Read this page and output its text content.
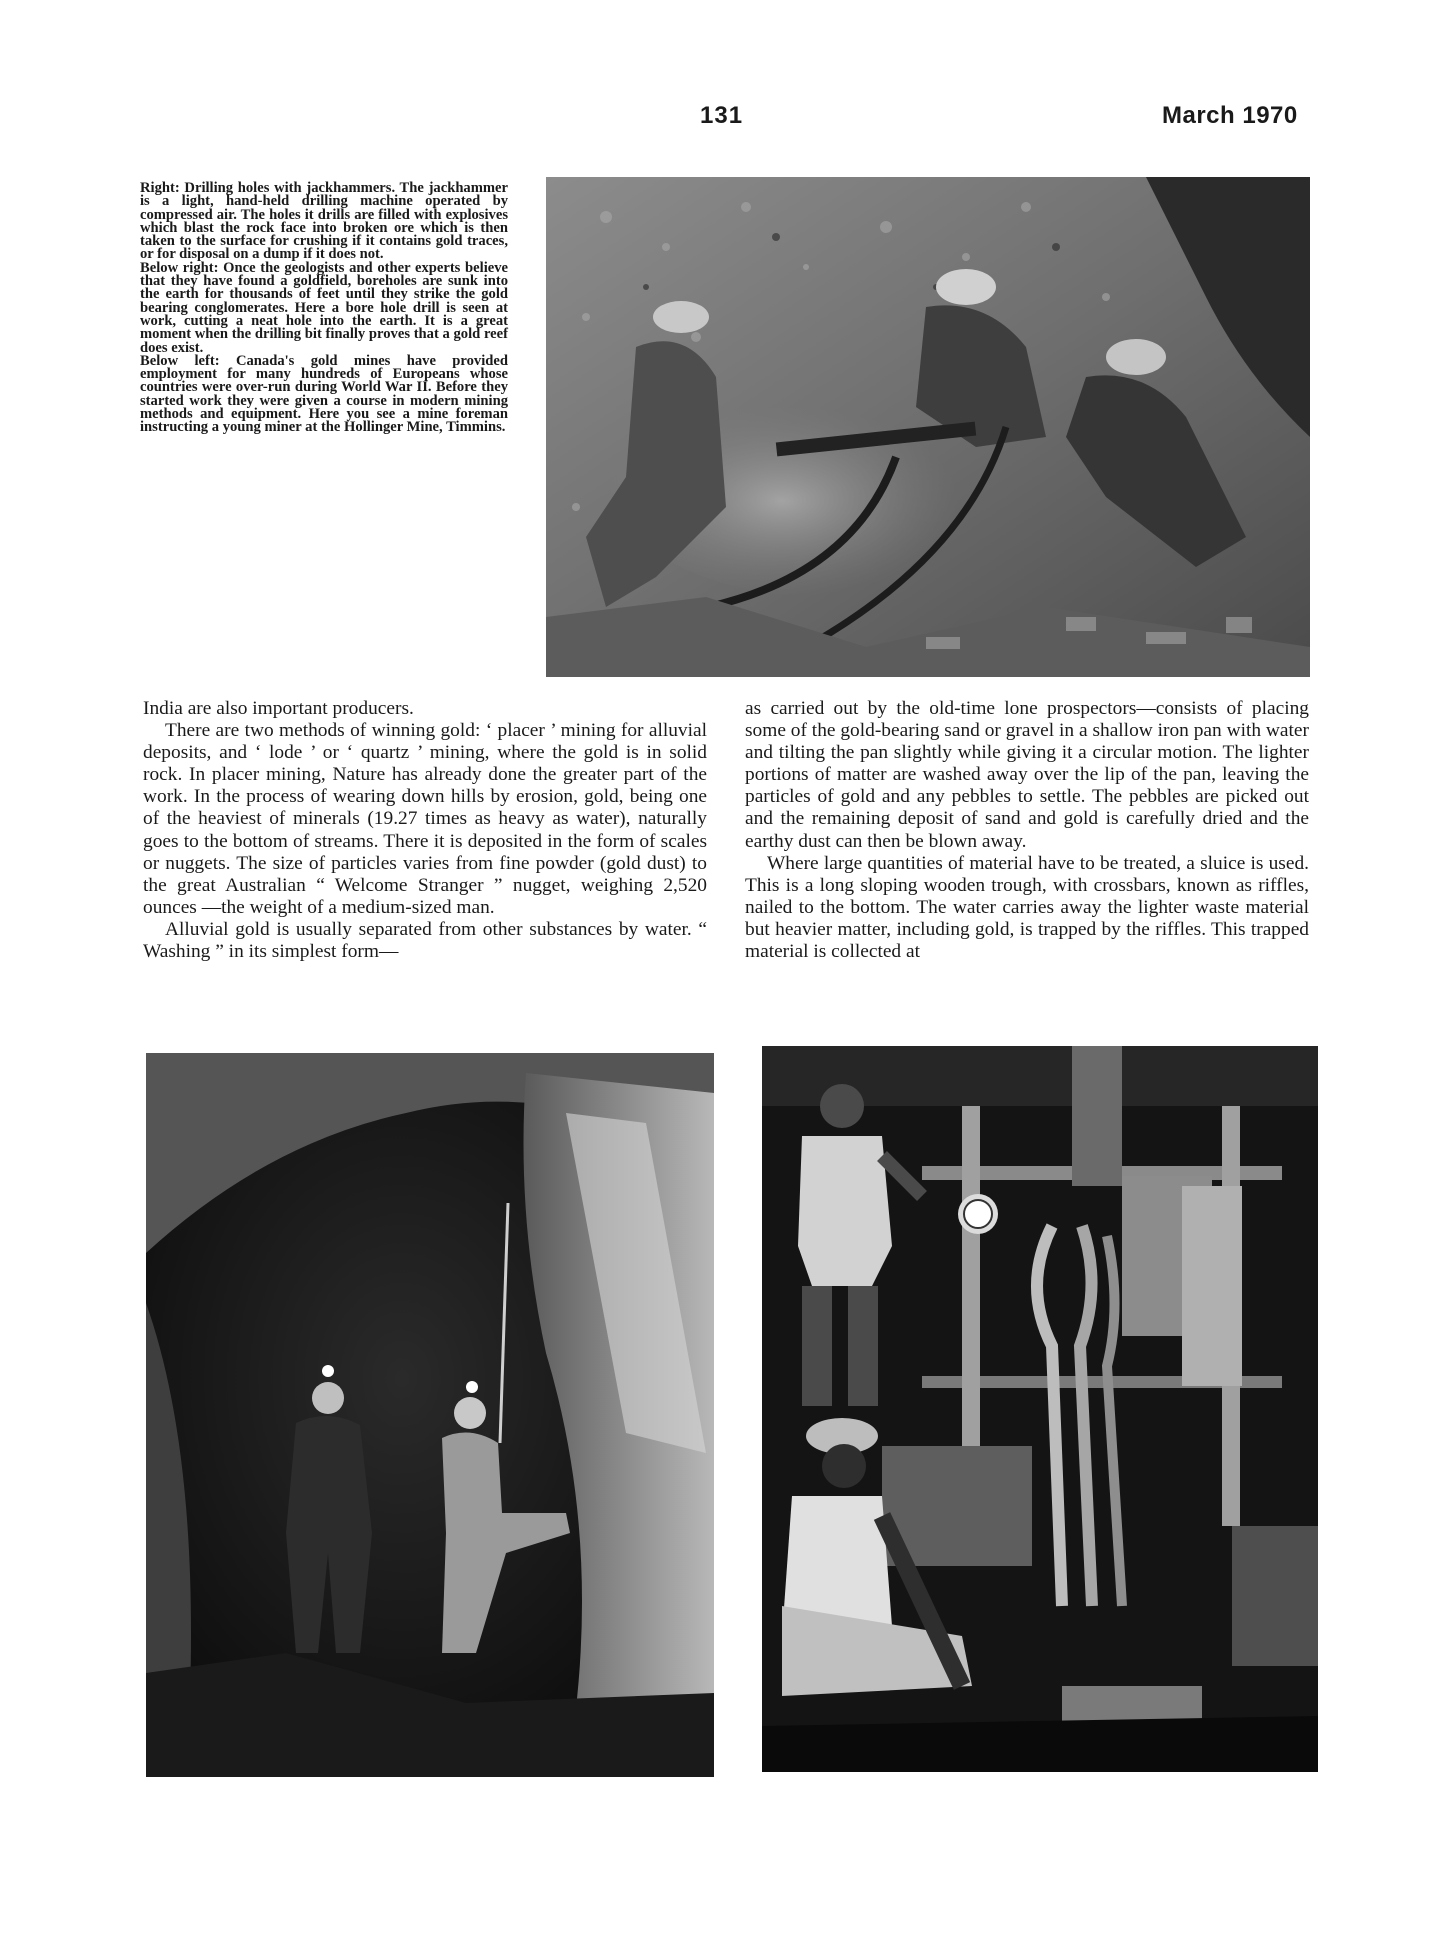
131	March 1970

Right: Drilling holes with jackhammers. The jackhammer is a light, hand-held drilling machine operated by compressed air. The holes it drills are filled with explosives which blast the rock face into broken ore which is then taken to the surface for crushing if it contains gold traces, or for disposal on a dump if it does not.

Below right: Once the geologists and other experts believe that they have found a goldfield, boreholes are sunk into the earth for thousands of feet until they strike the gold bearing conglomerates. Here a bore hole drill is seen at work, cutting a neat hole into the earth. It is a great moment when the drilling bit finally proves that a gold reef does exist.

Below left: Canada's gold mines have provided employment for many hundreds of Europeans whose countries were over-run during World War II. Before they started work they were given a course in modern mining methods and equipment. Here you see a mine foreman instructing a young miner at the Hollinger Mine, Timmins.

India are also important producers.

There are two methods of winning gold: ‘ placer ’ mining for alluvial deposits, and ‘ lode ’ or ‘ quartz ’ mining, where the gold is in solid rock. In placer mining, Nature has already done the greater part of the work. In the process of wearing down hills by erosion, gold, being one of the heaviest of minerals (19.27 times as heavy as water), naturally goes to the bottom of streams. There it is deposited in the form of scales or nuggets. The size of particles varies from fine powder (gold dust) to the great Australian “ Welcome Stranger ” nugget, weighing 2,520 ounces —the weight of a medium-sized man.

Alluvial gold is usually separated from other substances by water. “ Washing ” in its simplest form—

as carried out by the old-time lone prospectors—consists of placing some of the gold-bearing sand or gravel in a shallow iron pan with water and tilting the pan slightly while giving it a circular motion. The lighter portions of matter are washed away over the lip of the pan, leaving the particles of gold and any pebbles to settle. The pebbles are picked out and the remaining deposit of sand and gold is carefully dried and the earthy dust can then be blown away.

Where large quantities of material have to be treated, a sluice is used. This is a long sloping wooden trough, with crossbars, known as riffles, nailed to the bottom. The water carries away the lighter waste material but heavier matter, including gold, is trapped by the riffles. This trapped material is collected at
